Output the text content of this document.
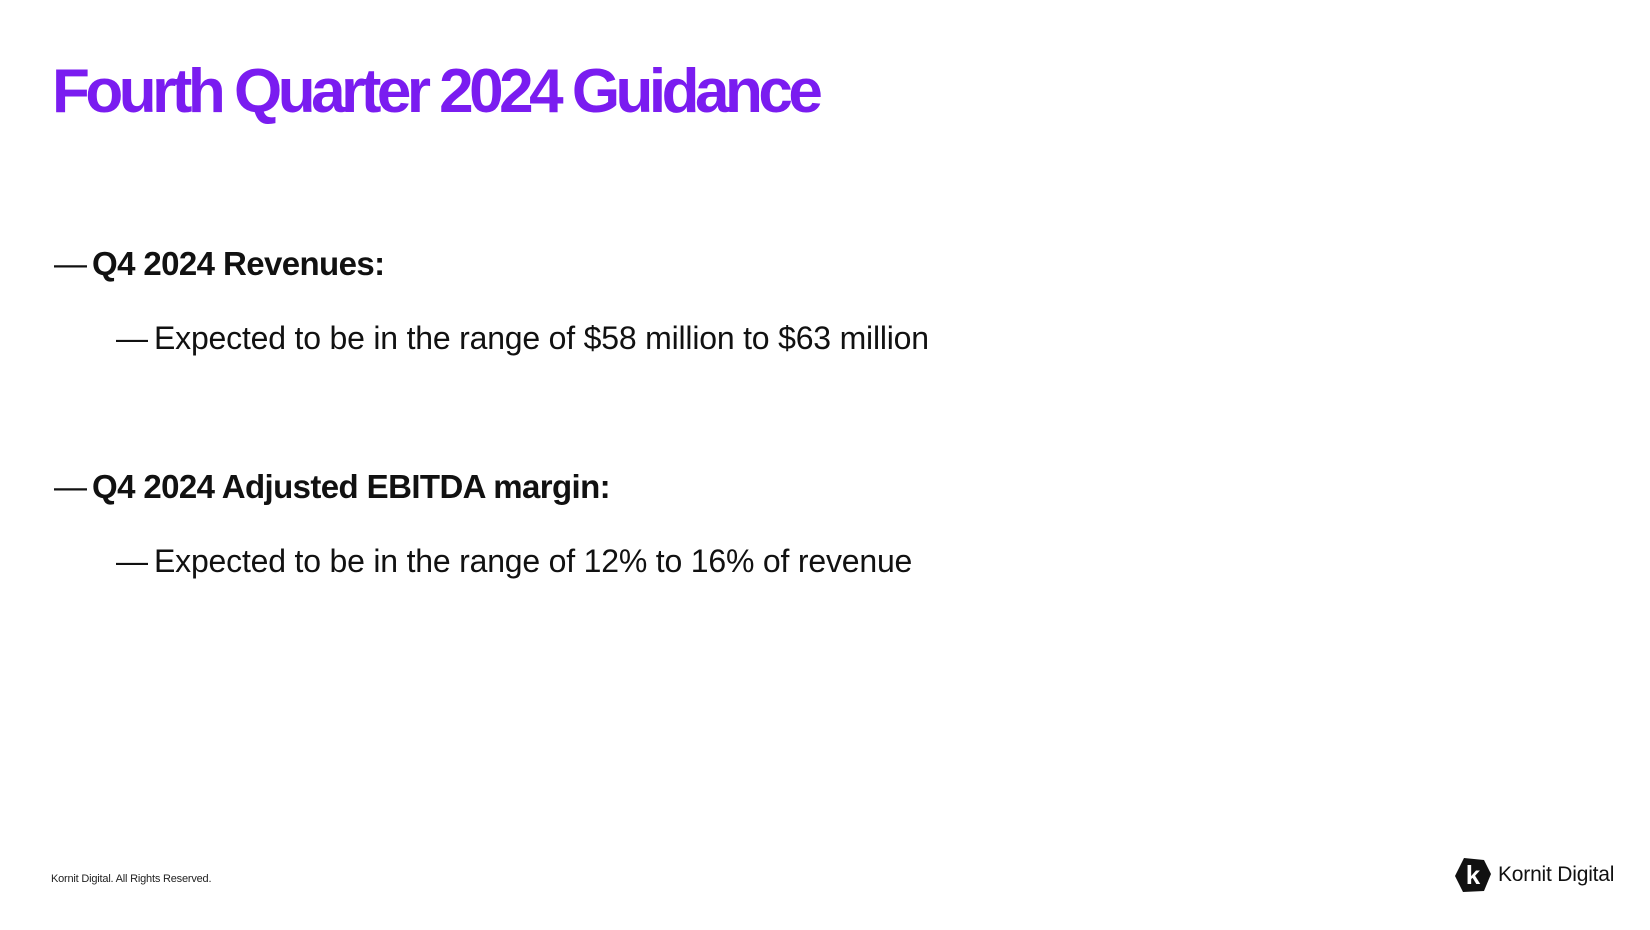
Fourth Quarter 2024 Guidance
— Q4 2024 Revenues:
— Expected to be in the range of $58 million to $63 million
— Q4 2024 Adjusted EBITDA margin:
— Expected to be in the range of 12% to 16% of revenue
Kornit Digital. All Rights Reserved.	k Kornit Digital
